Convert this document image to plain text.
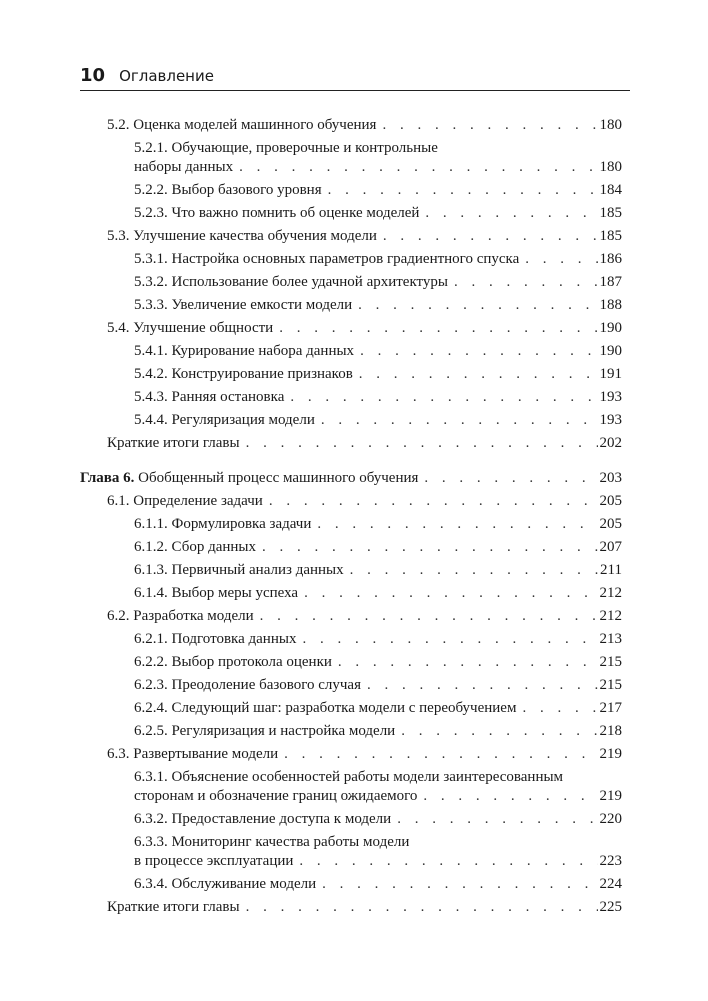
10 Оглавление
5.2. Оценка моделей машинного обучения . . .	180
5.2.1. Обучающие, проверочные и контрольные
наборы данных . . .	180
5.2.2. Выбор базового уровня . . .	184
5.2.3. Что важно помнить об оценке моделей . . .	185
5.3. Улучшение качества обучения модели . . .	185
5.3.1. Настройка основных параметров градиентного спуска . . .	186
5.3.2. Использование более удачной архитектуры . . .	187
5.3.3. Увеличение емкости модели . . .	188
5.4. Улучшение общности . . .	190
5.4.1. Курирование набора данных . . .	190
5.4.2. Конструирование признаков . . .	191
5.4.3. Ранняя остановка . . .	193
5.4.4. Регуляризация модели . . .	193
Краткие итоги главы . . .	202
Глава 6. Обобщенный процесс машинного обучения . . .	203
6.1. Определение задачи . . .	205
6.1.1. Формулировка задачи . . .	205
6.1.2. Сбор данных . . .	207
6.1.3. Первичный анализ данных . . .	211
6.1.4. Выбор меры успеха . . .	212
6.2. Разработка модели . . .	212
6.2.1. Подготовка данных . . .	213
6.2.2. Выбор протокола оценки . . .	215
6.2.3. Преодоление базового случая . . .	215
6.2.4. Следующий шаг: разработка модели с переобучением . . .	217
6.2.5. Регуляризация и настройка модели . . .	218
6.3. Развертывание модели . . .	219
6.3.1. Объяснение особенностей работы модели заинтересованным
сторонам и обозначение границ ожидаемого . . .	219
6.3.2. Предоставление доступа к модели . . .	220
6.3.3. Мониторинг качества работы модели
в процессе эксплуатации . . .	223
6.3.4. Обслуживание модели . . .	224
Краткие итоги главы . . .	225
